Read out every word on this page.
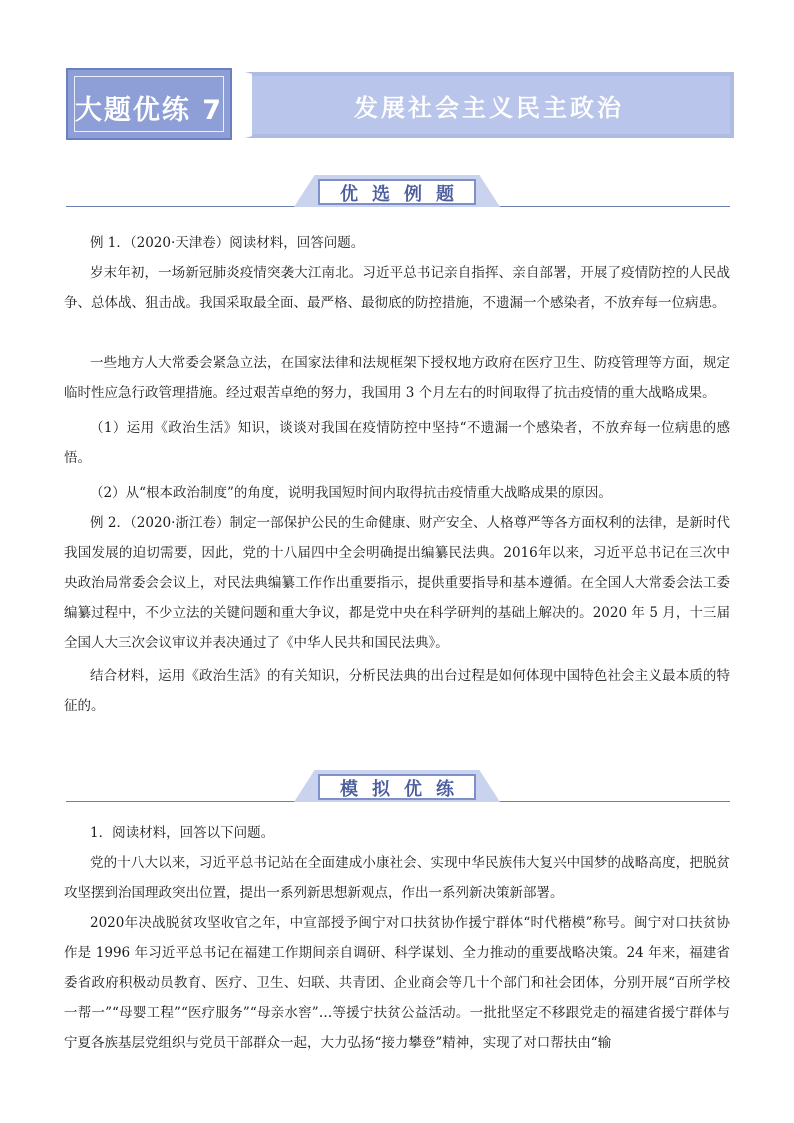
大题优练 7	发展社会主义民主政治
优选例题

例 1．（2020·天津卷）阅读材料，回答问题。

岁末年初，一场新冠肺炎疫情突袭大江南北。习近平总书记亲自指挥、亲自部署，开展了疫情防控的人民战争、总体战、狙击战。我国采取最全面、最严格、最彻底的防控措施，不遗漏一个感染者，不放弃每一位病患。

一些地方人大常委会紧急立法，在国家法律和法规框架下授权地方政府在医疗卫生、防疫管理等方面，规定临时性应急行政管理措施。经过艰苦卓绝的努力，我国用 3 个月左右的时间取得了抗击疫情的重大战略成果。

（1）运用《政治生活》知识，谈谈对我国在疫情防控中坚持“不遗漏一个感染者，不放弃每一位病患的感悟。

（2）从“根本政治制度”的角度，说明我国短时间内取得抗击疫情重大战略成果的原因。

例 2．（2020·浙江卷）制定一部保护公民的生命健康、财产安全、人格尊严等各方面权利的法律，是新时代我国发展的迫切需要，因此，党的十八届四中全会明确提出编纂民法典。2016年以来，习近平总书记在三次中央政治局常委会会议上，对民法典编纂工作作出重要指示，提供重要指导和基本遵循。在全国人大常委会法工委编纂过程中，不少立法的关键问题和重大争议，都是党中央在科学研判的基础上解决的。2020 年 5 月，十三届全国人大三次会议审议并表决通过了《中华人民共和国民法典》。

结合材料，运用《政治生活》的有关知识，分析民法典的出台过程是如何体现中国特色社会主义最本质的特征的。

模拟优练

1．阅读材料，回答以下问题。

党的十八大以来，习近平总书记站在全面建成小康社会、实现中华民族伟大复兴中国梦的战略高度，把脱贫攻坚摆到治国理政突出位置，提出一系列新思想新观点，作出一系列新决策新部署。

2020年决战脱贫攻坚收官之年，中宣部授予闽宁对口扶贫协作援宁群体“时代楷模”称号。闽宁对口扶贫协作是 1996 年习近平总书记在福建工作期间亲自调研、科学谋划、全力推动的重要战略决策。24 年来，福建省委省政府积极动员教育、医疗、卫生、妇联、共青团、企业商会等几十个部门和社会团体，分别开展“百所学校一帮一”“母婴工程”“医疗服务”“母亲水窖”…等援宁扶贫公益活动。一批批坚定不移跟党走的福建省援宁群体与宁夏各族基层党组织与党员干部群众一起，大力弘扬“接力攀登”精神，实现了对口帮扶由“输
